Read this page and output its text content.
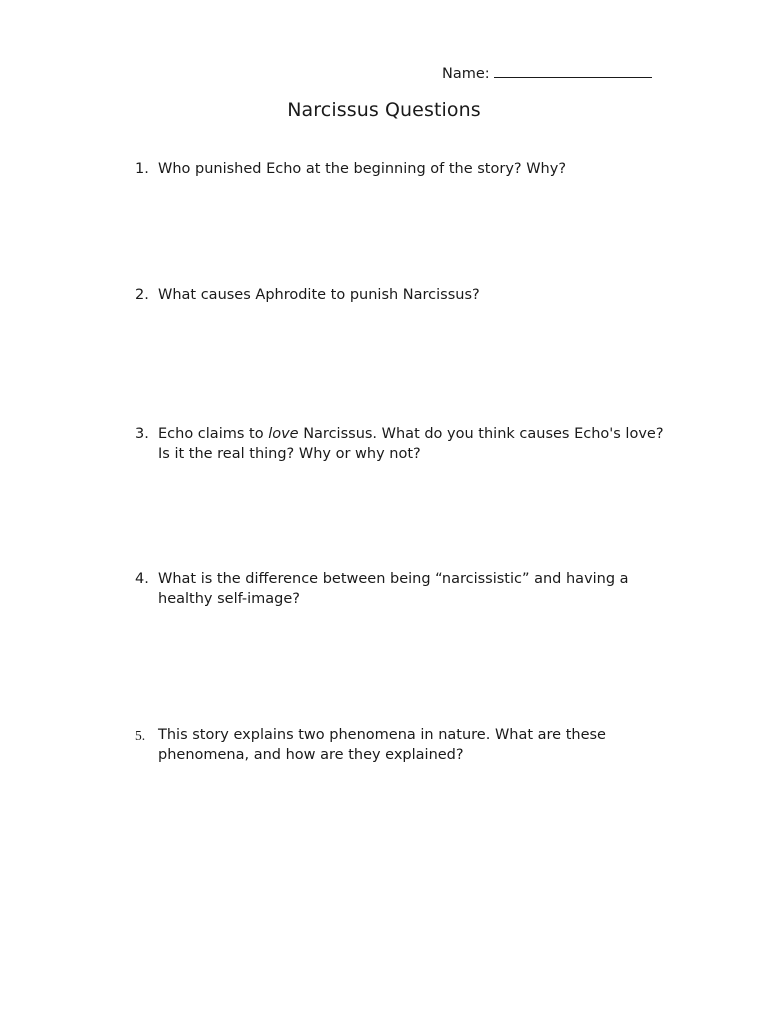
Name:
Narcissus Questions
1. Who punished Echo at the beginning of the story? Why?
2. What causes Aphrodite to punish Narcissus?
3. Echo claims to love Narcissus. What do you think causes Echo's love? Is it the real thing? Why or why not?
4. What is the difference between being “narcissistic” and having a healthy self-image?
5. This story explains two phenomena in nature. What are these phenomena, and how are they explained?
